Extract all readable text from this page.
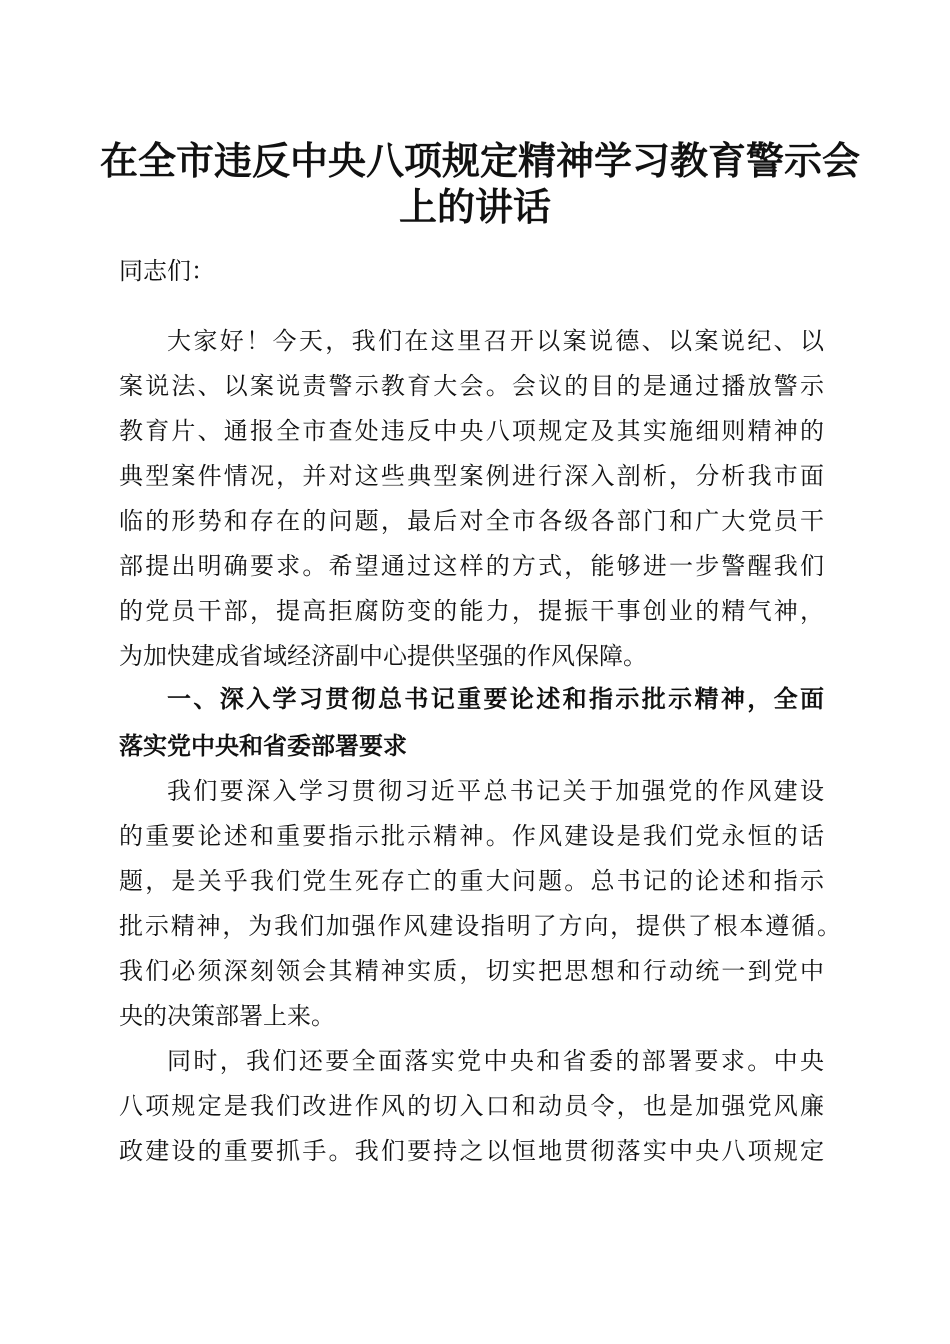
在全市违反中央八项规定精神学习教育警示会
上的讲话
同志们：
大家好！今天，我们在这里召开以案说德、以案说纪、以
案说法、以案说责警示教育大会。会议的目的是通过播放警示
教育片、通报全市查处违反中央八项规定及其实施细则精神的
典型案件情况，并对这些典型案例进行深入剖析，分析我市面
临的形势和存在的问题，最后对全市各级各部门和广大党员干
部提出明确要求。希望通过这样的方式，能够进一步警醒我们
的党员干部，提高拒腐防变的能力，提振干事创业的精气神，
为加快建成省域经济副中心提供坚强的作风保障。
一、深入学习贯彻总书记重要论述和指示批示精神，全面
落实党中央和省委部署要求
我们要深入学习贯彻习近平总书记关于加强党的作风建设
的重要论述和重要指示批示精神。作风建设是我们党永恒的话
题，是关乎我们党生死存亡的重大问题。总书记的论述和指示
批示精神，为我们加强作风建设指明了方向，提供了根本遵循。
我们必须深刻领会其精神实质，切实把思想和行动统一到党中
央的决策部署上来。
同时，我们还要全面落实党中央和省委的部署要求。中央
八项规定是我们改进作风的切入口和动员令，也是加强党风廉
政建设的重要抓手。我们要持之以恒地贯彻落实中央八项规定
